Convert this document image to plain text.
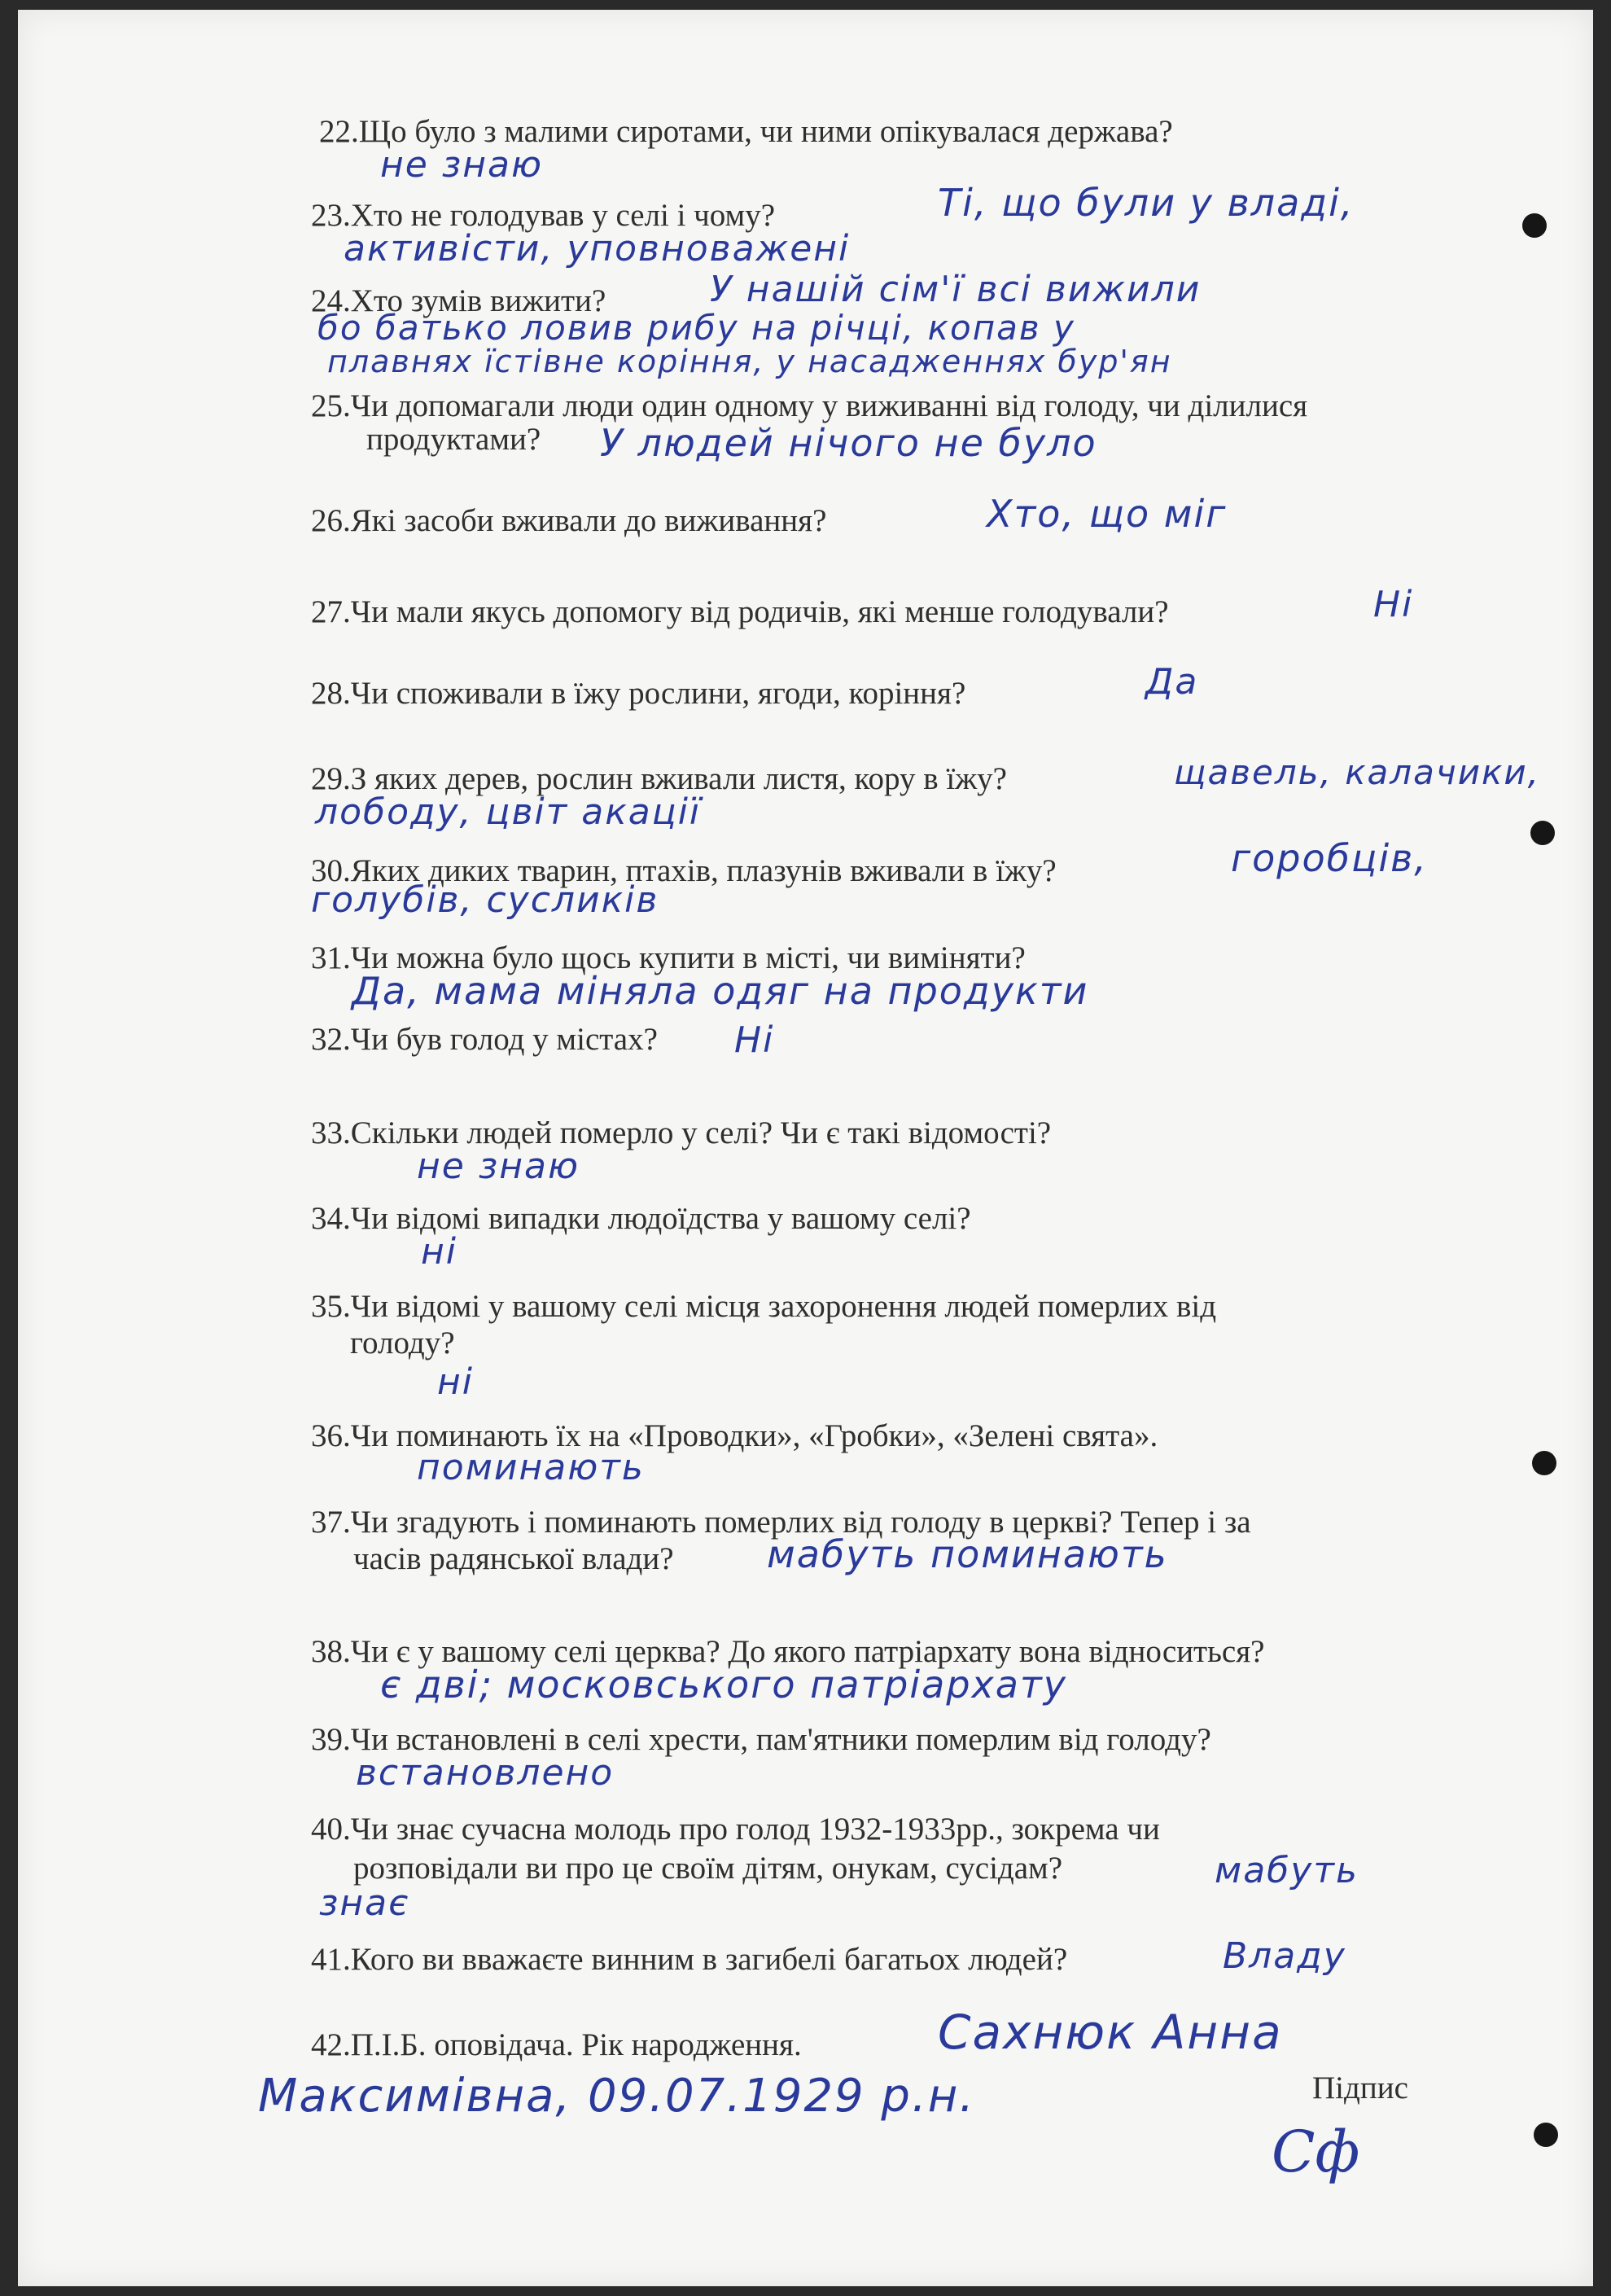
22.Що було з малими сиротами, чи ними опікувалася держава?
не знаю
23.Хто не голодував у селі і чому?	Ті, що були у владі,
активісти, уповноважені
24.Хто зумів вижити?	У нашій сім'ї всі вижили
бо батько ловив рибу на річці, копав у
плавнях їстівне коріння, у насадженнях бур'ян
25.Чи допомагали люди один одному у виживанні від голоду, чи ділилися
продуктами?	У людей нічого не було
26.Які засоби вживали до виживання?	Хто, що міг
27.Чи мали якусь допомогу від родичів, які менше голодували?	Ні
28.Чи споживали в їжу рослини, ягоди, коріння?	Да
29.З яких дерев, рослин вживали листя, кору в їжу?	щавель, калачики,
лободу, цвіт акації
30.Яких диких тварин, птахів, плазунів вживали в їжу?	горобців,
голубів, сусликів
31.Чи можна було щось купити в місті, чи виміняти?
Да, мама міняла одяг на продукти
32.Чи був голод у містах?	Ні
33.Скільки людей померло у селі? Чи є такі відомості?
не знаю
34.Чи відомі випадки людоїдства у вашому селі?
ні
35.Чи відомі у вашому селі місця захоронення людей померлих від
голоду?
ні
36.Чи поминають їх на «Проводки», «Гробки», «Зелені свята».
поминають
37.Чи згадують і поминають померлих від голоду в церкві? Тепер і за
часів радянської влади?	мабуть поминають
38.Чи є у вашому селі церква? До якого патріархату вона відноситься?
є дві; московського патріархату
39.Чи встановлені в селі хрести, пам'ятники померлим від голоду?
встановлено
40.Чи знає сучасна молодь про голод 1932-1933рр., зокрема чи
розповідали ви про це своїм дітям, онукам, сусідам?	мабуть
знає
41.Кого ви вважаєте винним в загибелі багатьох людей?	Владу
42.П.І.Б. оповідача. Рік народження.	Сахнюк Анна
Максимівна, 09.07.1929 р.н.	Підпис
Сф
